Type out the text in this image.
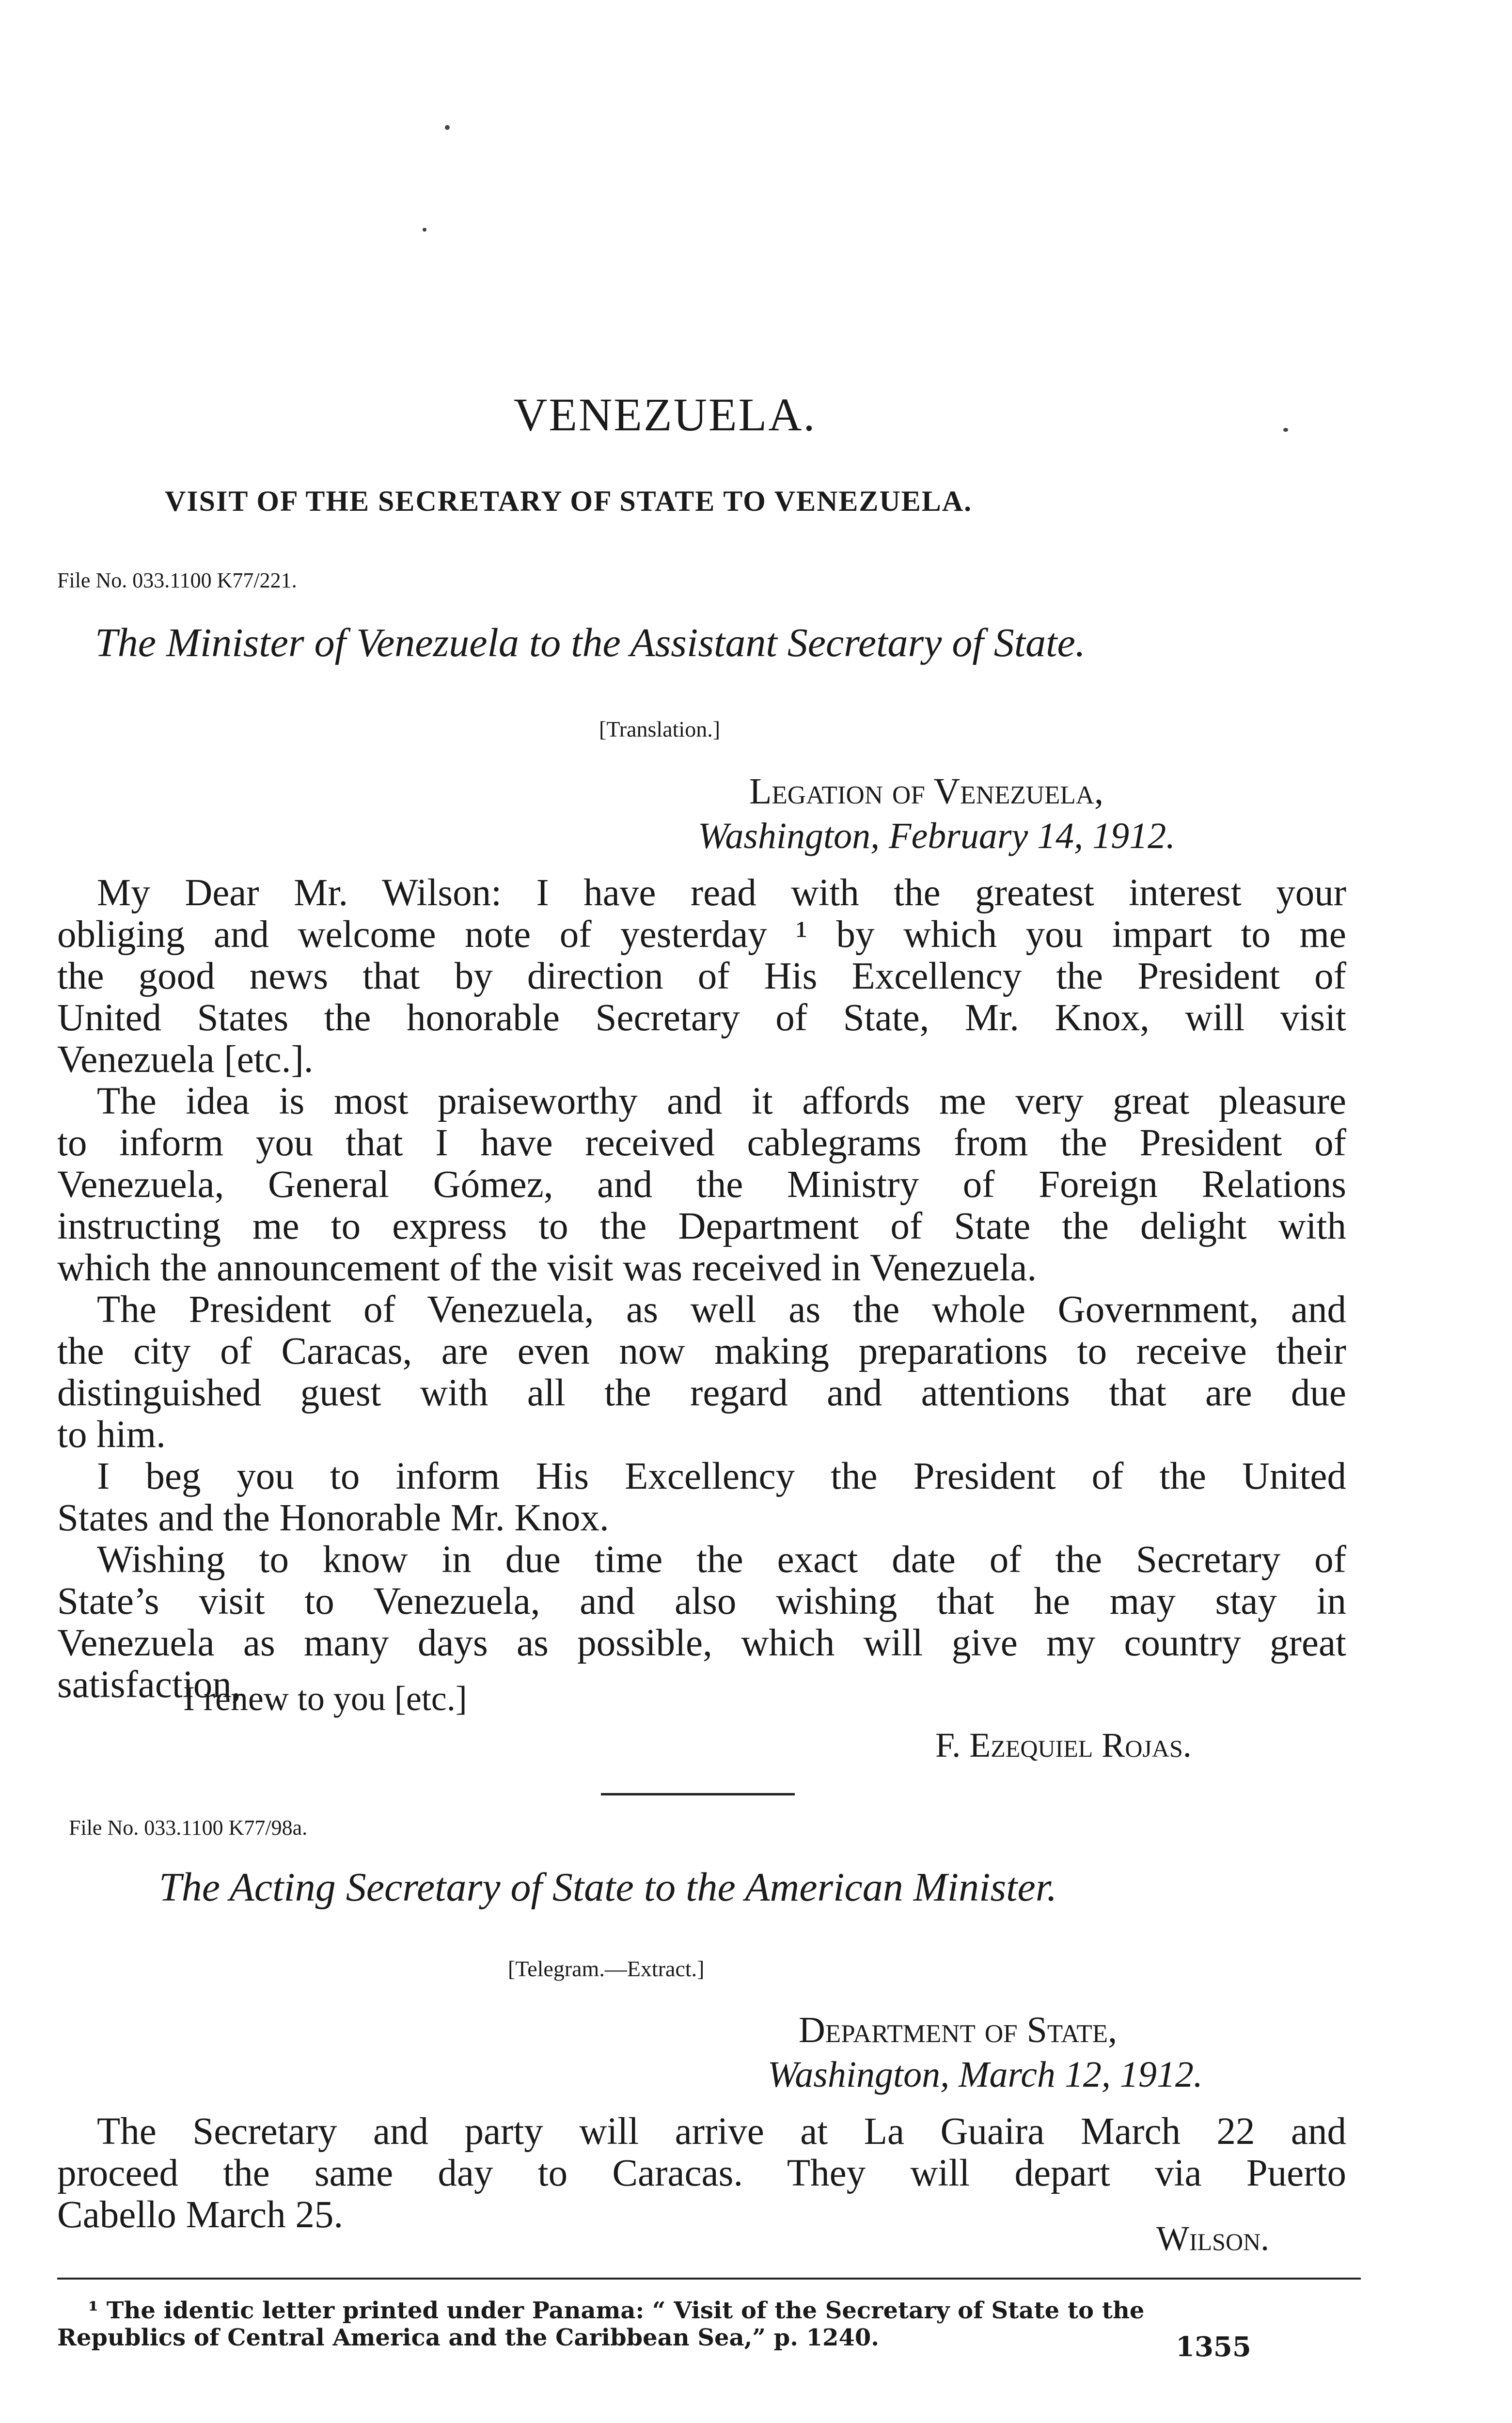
VENEZUELA.
VISIT OF THE SECRETARY OF STATE TO VENEZUELA.
File No. 033.1100 K77/221.
The Minister of Venezuela to the Assistant Secretary of State.
[Translation.]
Legation of Venezuela,
Washington, February 14, 1912.
My Dear Mr. Wilson: I have read with the greatest interest your
obliging and welcome note of yesterday ¹ by which you impart to me
the good news that by direction of His Excellency the President of
United States the honorable Secretary of State, Mr. Knox, will visit
Venezuela [etc.].
The idea is most praiseworthy and it affords me very great pleasure
to inform you that I have received cablegrams from the President of
Venezuela, General Gómez, and the Ministry of Foreign Relations
instructing me to express to the Department of State the delight with
which the announcement of the visit was received in Venezuela.
The President of Venezuela, as well as the whole Government, and
the city of Caracas, are even now making preparations to receive their
distinguished guest with all the regard and attentions that are due
to him.
I beg you to inform His Excellency the President of the United
States and the Honorable Mr. Knox.
Wishing to know in due time the exact date of the Secretary of
State’s visit to Venezuela, and also wishing that he may stay in
Venezuela as many days as possible, which will give my country great
satisfaction,
I renew to you [etc.]
F. Ezequiel Rojas.
File No. 033.1100 K77/98a.
The Acting Secretary of State to the American Minister.
[Telegram.—Extract.]
Department of State,
Washington, March 12, 1912.
The Secretary and party will arrive at La Guaira March 22 and
proceed the same day to Caracas. They will depart via Puerto
Cabello March 25.
Wilson.
¹ The identic letter printed under Panama: “ Visit of the Secretary of State to the
Republics of Central America and the Caribbean Sea,” p. 1240.	1355
